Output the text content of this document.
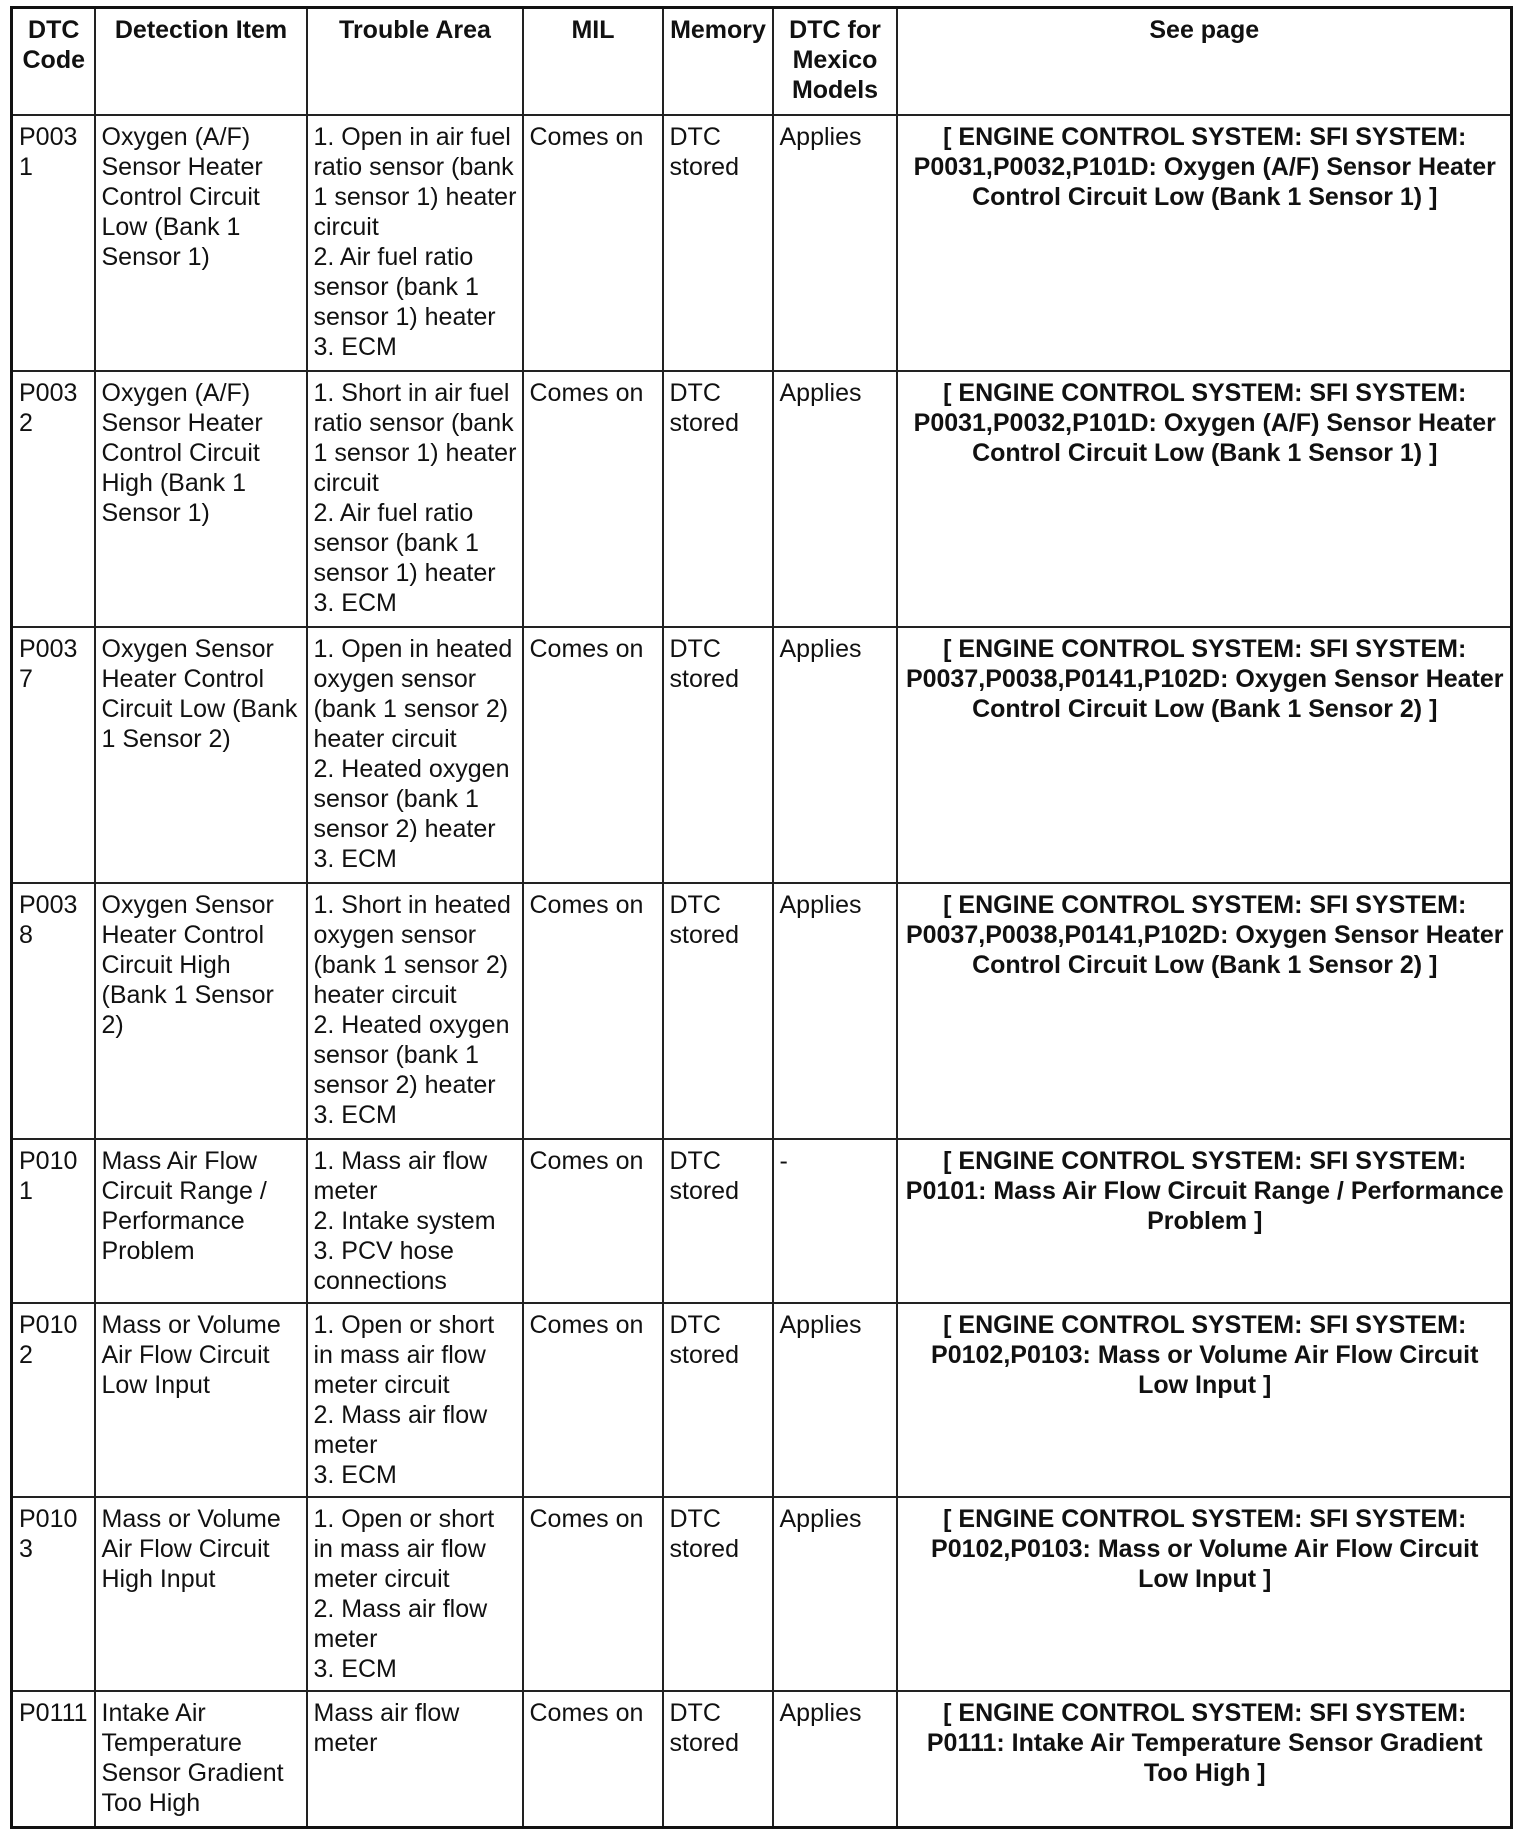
DTC Code	Detection Item	Trouble Area	MIL	Memory	DTC for Mexico Models	See page
P0031	Oxygen (A/F) Sensor Heater Control Circuit Low (Bank 1 Sensor 1)	1. Open in air fuel ratio sensor (bank 1 sensor 1) heater circuit
2. Air fuel ratio sensor (bank 1 sensor 1) heater
3. ECM	Comes on	DTC stored	Applies	[ ENGINE CONTROL SYSTEM: SFI SYSTEM: P0031,P0032,P101D: Oxygen (A/F) Sensor Heater Control Circuit Low (Bank 1 Sensor 1) ]
P0032	Oxygen (A/F) Sensor Heater Control Circuit High (Bank 1 Sensor 1)	1. Short in air fuel ratio sensor (bank 1 sensor 1) heater circuit
2. Air fuel ratio sensor (bank 1 sensor 1) heater
3. ECM	Comes on	DTC stored	Applies	[ ENGINE CONTROL SYSTEM: SFI SYSTEM: P0031,P0032,P101D: Oxygen (A/F) Sensor Heater Control Circuit Low (Bank 1 Sensor 1) ]
P0037	Oxygen Sensor Heater Control Circuit Low (Bank 1 Sensor 2)	1. Open in heated oxygen sensor (bank 1 sensor 2) heater circuit
2. Heated oxygen sensor (bank 1 sensor 2) heater
3. ECM	Comes on	DTC stored	Applies	[ ENGINE CONTROL SYSTEM: SFI SYSTEM: P0037,P0038,P0141,P102D: Oxygen Sensor Heater Control Circuit Low (Bank 1 Sensor 2) ]
P0038	Oxygen Sensor Heater Control Circuit High (Bank 1 Sensor 2)	1. Short in heated oxygen sensor (bank 1 sensor 2) heater circuit
2. Heated oxygen sensor (bank 1 sensor 2) heater
3. ECM	Comes on	DTC stored	Applies	[ ENGINE CONTROL SYSTEM: SFI SYSTEM: P0037,P0038,P0141,P102D: Oxygen Sensor Heater Control Circuit Low (Bank 1 Sensor 2) ]
P0101	Mass Air Flow Circuit Range / Performance Problem	1. Mass air flow meter
2. Intake system
3. PCV hose connections	Comes on	DTC stored	-	[ ENGINE CONTROL SYSTEM: SFI SYSTEM: P0101: Mass Air Flow Circuit Range / Performance Problem ]
P0102	Mass or Volume Air Flow Circuit Low Input	1. Open or short in mass air flow meter circuit
2. Mass air flow meter
3. ECM	Comes on	DTC stored	Applies	[ ENGINE CONTROL SYSTEM: SFI SYSTEM: P0102,P0103: Mass or Volume Air Flow Circuit Low Input ]
P0103	Mass or Volume Air Flow Circuit High Input	1. Open or short in mass air flow meter circuit
2. Mass air flow meter
3. ECM	Comes on	DTC stored	Applies	[ ENGINE CONTROL SYSTEM: SFI SYSTEM: P0102,P0103: Mass or Volume Air Flow Circuit Low Input ]
P0111	Intake Air Temperature Sensor Gradient Too High	Mass air flow meter	Comes on	DTC stored	Applies	[ ENGINE CONTROL SYSTEM: SFI SYSTEM: P0111: Intake Air Temperature Sensor Gradient Too High ]
